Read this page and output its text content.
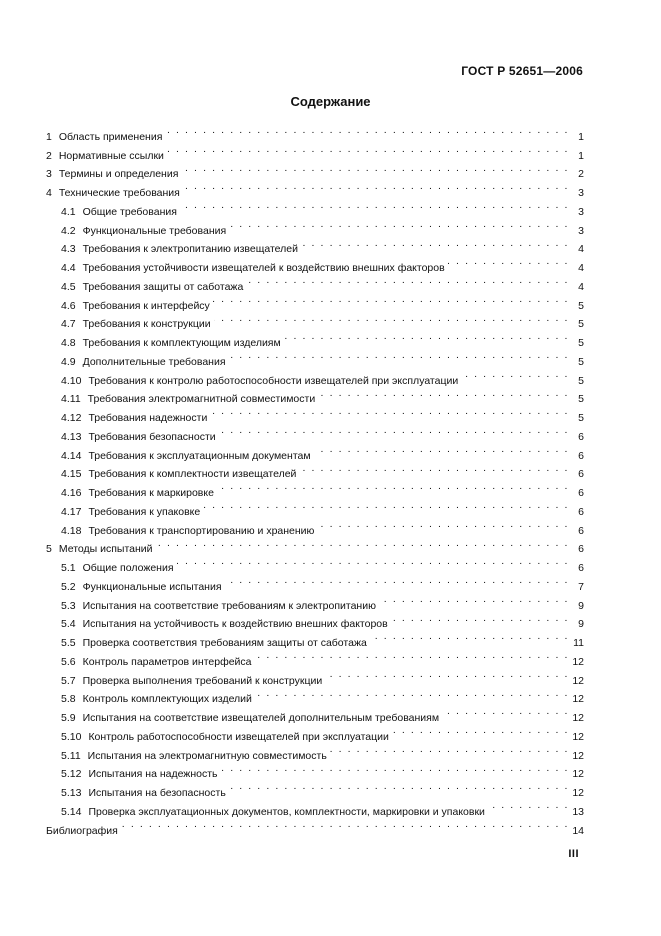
ГОСТ Р 52651—2006
Содержание
1 Область применения . . .	1
2 Нормативные ссылки . . .	1
3 Термины и определения . . .	2
4 Технические требования . . .	3
4.1 Общие требования . . .	3
4.2 Функциональные требования . . .	3
4.3 Требования к электропитанию извещателей . . .	4
4.4 Требования устойчивости извещателей к воздействию внешних факторов . . .	4
4.5 Требования защиты от саботажа . . .	4
4.6 Требования к интерфейсу . . .	5
4.7 Требования к конструкции . . .	5
4.8 Требования к комплектующим изделиям . . .	5
4.9 Дополнительные требования . . .	5
4.10 Требования к контролю работоспособности извещателей при эксплуатации . . .	5
4.11 Требования электромагнитной совместимости . . .	5
4.12 Требования надежности . . .	5
4.13 Требования безопасности . . .	6
4.14 Требования к эксплуатационным документам . . .	6
4.15 Требования к комплектности извещателей . . .	6
4.16 Требования к маркировке . . .	6
4.17 Требования к упаковке . . .	6
4.18 Требования к транспортированию и хранению . . .	6
5 Методы испытаний . . .	6
5.1 Общие положения . . .	6
5.2 Функциональные испытания . . .	7
5.3 Испытания на соответствие требованиям к электропитанию . . .	9
5.4 Испытания на устойчивость к воздействию внешних факторов . . .	9
5.5 Проверка соответствия требованиям защиты от саботажа . . .	11
5.6 Контроль параметров интерфейса . . .	12
5.7 Проверка выполнения требований к конструкции . . .	12
5.8 Контроль комплектующих изделий . . .	12
5.9 Испытания на соответствие извещателей дополнительным требованиям . . .	12
5.10 Контроль работоспособности извещателей при эксплуатации . . .	12
5.11 Испытания на электромагнитную совместимость . . .	12
5.12 Испытания на надежность . . .	12
5.13 Испытания на безопасность . . .	12
5.14 Проверка эксплуатационных документов, комплектности, маркировки и упаковки . . .	13
Библиография . . .	14
III
